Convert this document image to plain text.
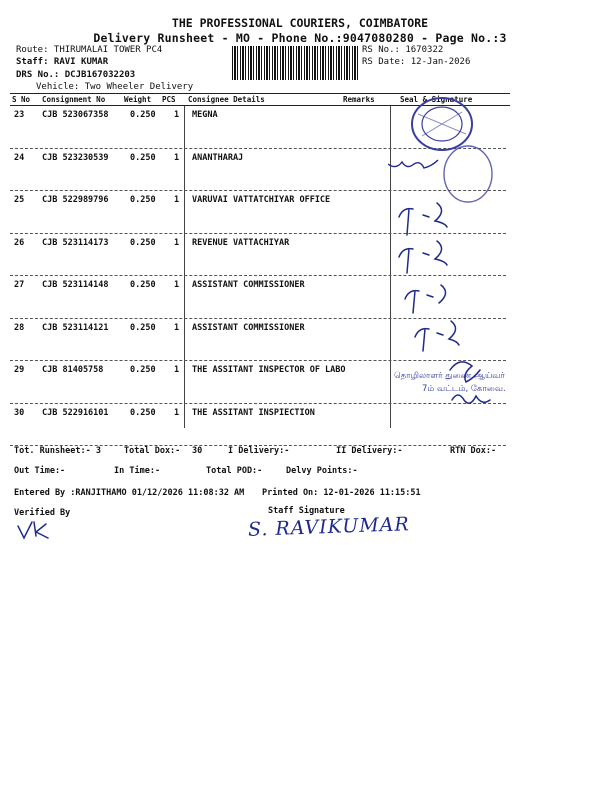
THE PROFESSIONAL COURIERS, COIMBATORE
Delivery Runsheet - MO - Phone No.:9047080280 - Page No.:3
Route: THIRUMALAI TOWER PC4
Staff: RAVI KUMAR
DRS No.: DCJB167032203
Vehicle: Two Wheeler Delivery
RS No.: 1670322
RS Date: 12-Jan-2026
S No Consignment No	Weight PCS Consignee Details	Remarks	Seal & Signature
23 CJB 523067358	0.250 1 MEGNA
24 CJB 523230539	0.250 1 ANANTHARAJ
25 CJB 522989796	0.250 1 VARUVAI VATTATCHIYAR OFFICE
26 CJB 523114173	0.250 1 REVENUE VATTACHIYAR
27 CJB 523114148	0.250 1 ASSISTANT COMMISSIONER
28 CJB 523114121	0.250 1 ASSISTANT COMMISSIONER
29 CJB 81405758	0.250 1 THE ASSITANT INSPECTOR OF LABO
30 CJB 522916101	0.250 1 THE ASSITANT INSPIECTION
தொழிலாளர் துணை ஆய்வர்
7ம் வட்டம், கோவை.
Tot. Runsheet:- 3	Total Dox:- 30	I Delivery:-	II Delivery:-	RTN Dox:-
Out Time:-	In Time:-	Total POD:-	Delvy Points:-
Entered By :RANJITHAMO 01/12/2026 11:08:32 AM Printed On: 12-01-2026 11:15:51
Verified By	Staff Signature
S. RAVIKUMAR
